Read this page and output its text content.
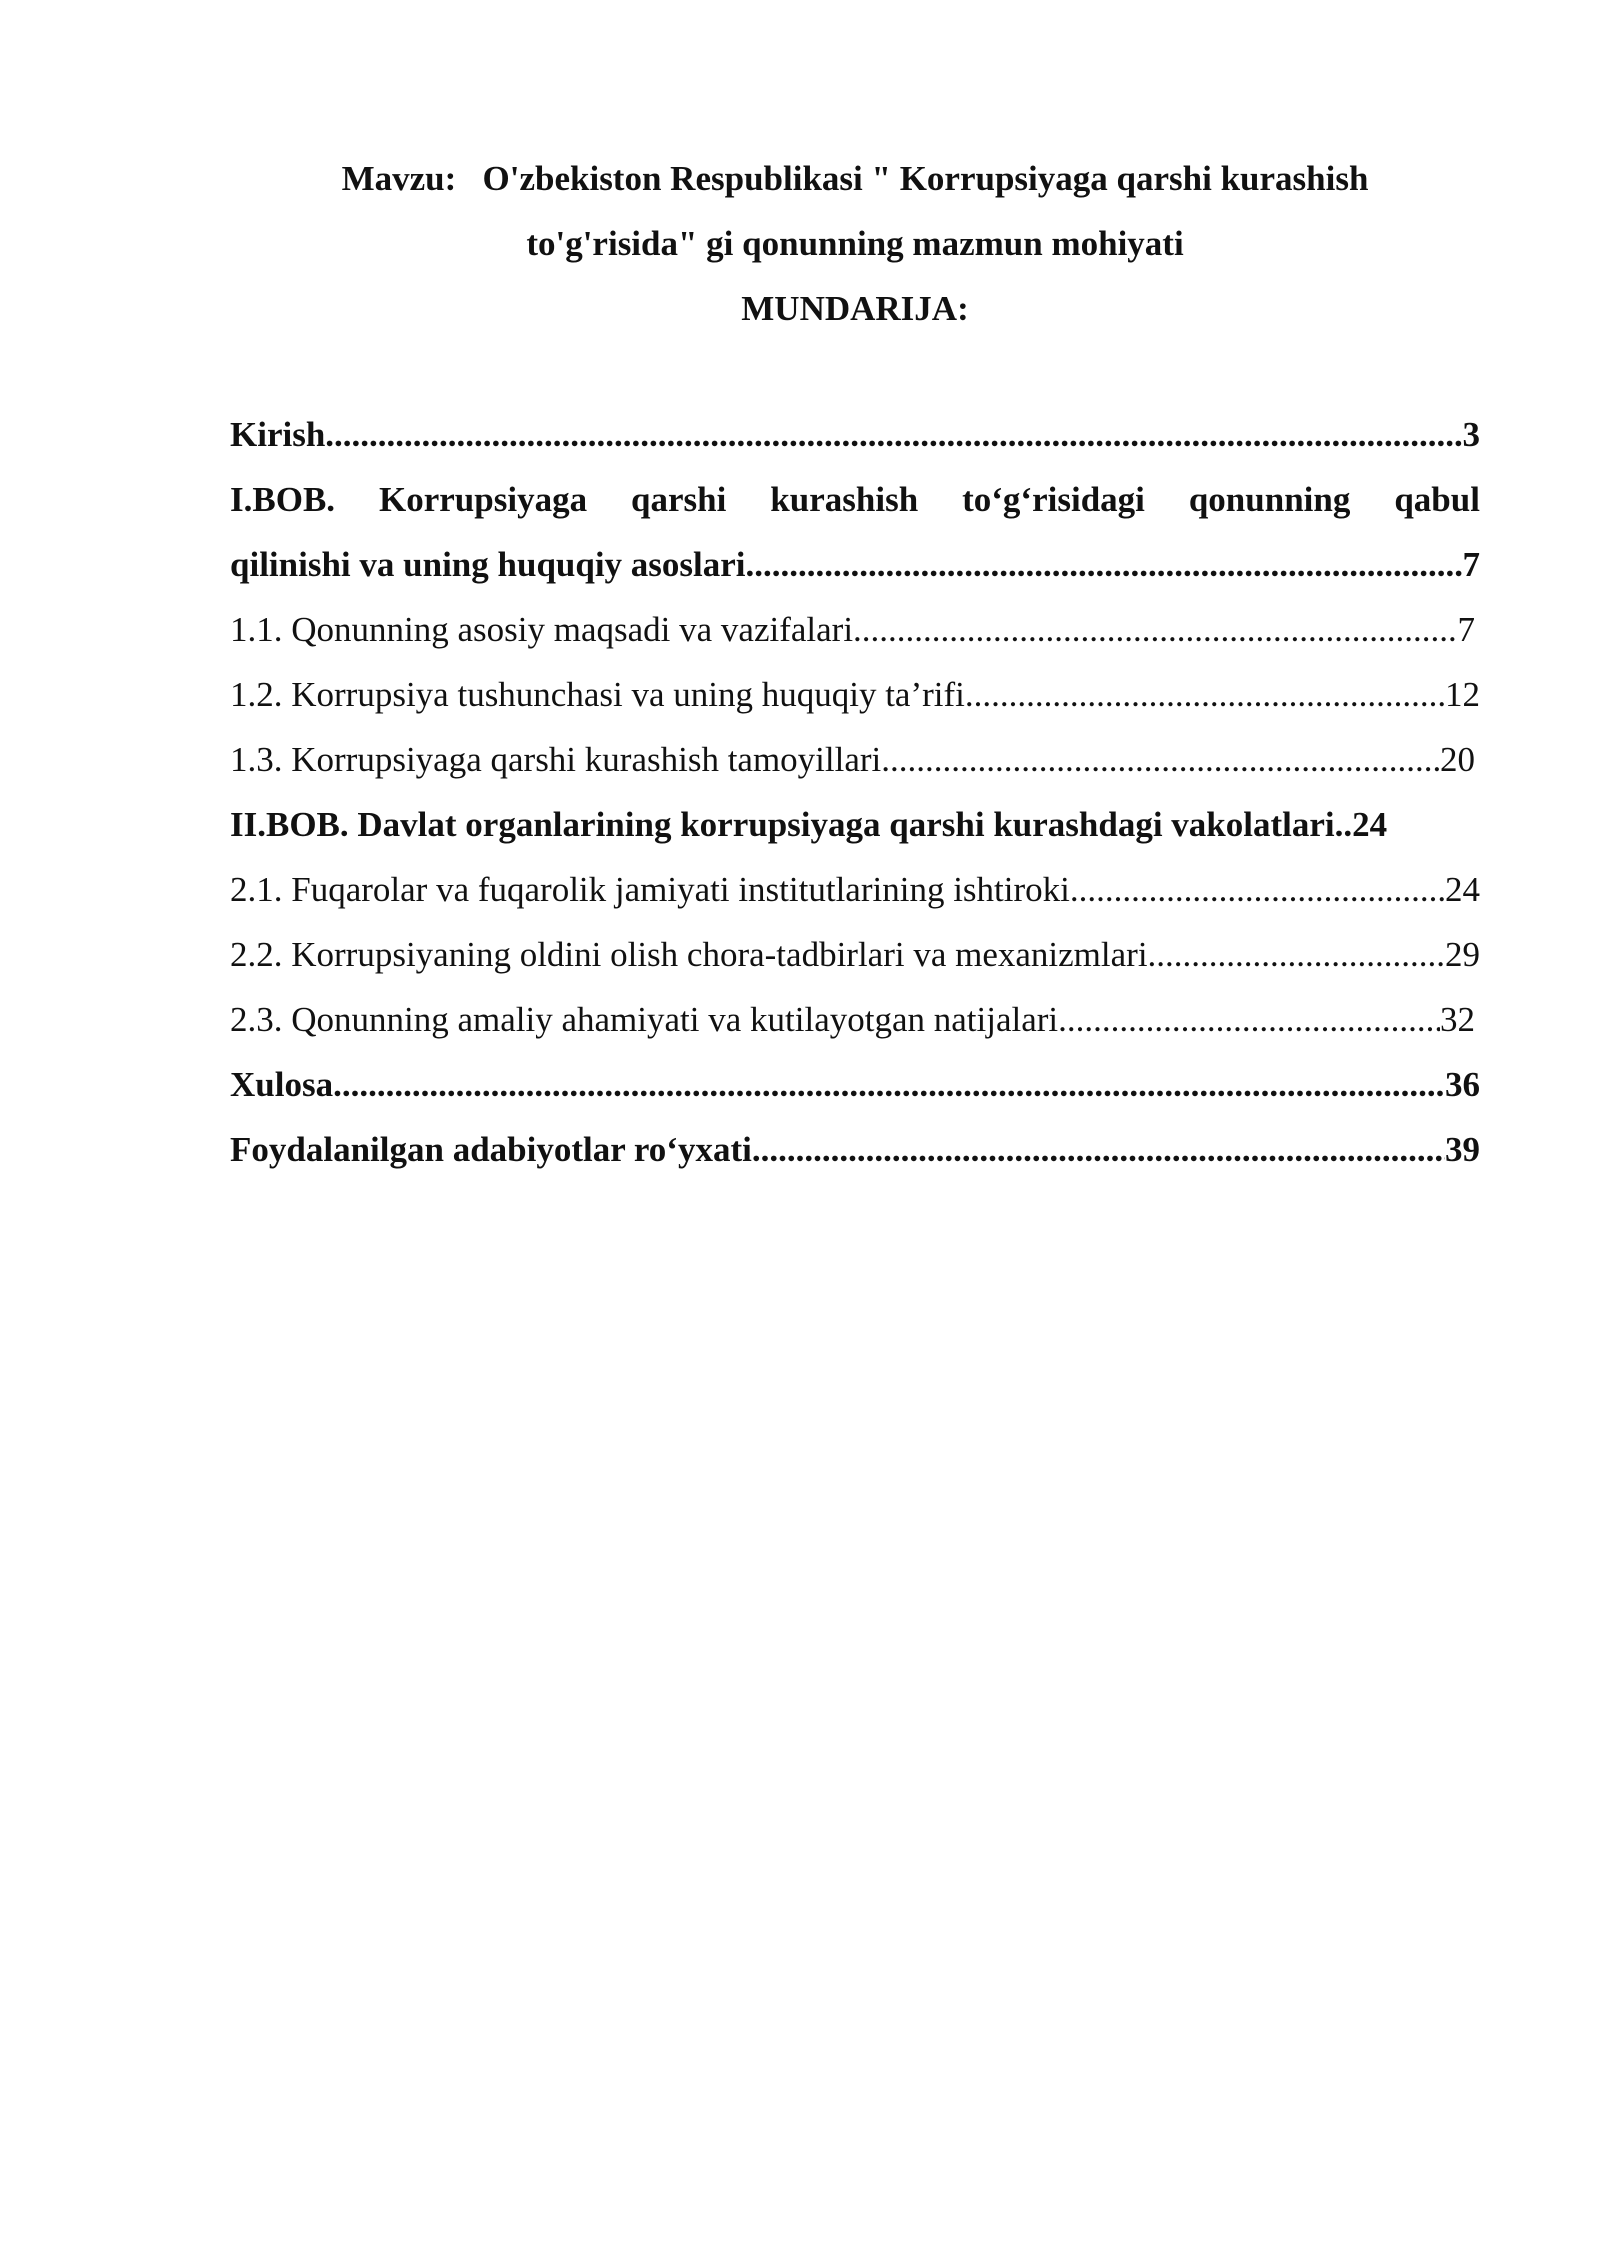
Mavzu: O'zbekiston Respublikasi " Korrupsiyaga qarshi kurashish
to'g'risida" gi qonunning mazmun mohiyati
MUNDARIJA:
Kirish .....	3
I.BOB. Korrupsiyaga qarshi kurashish to‘g‘risidagi qonunning qabul
qilinishi va uning huquqiy asoslari .....	7
1.1. Qonunning asosiy maqsadi va vazifalari .....	7
1.2. Korrupsiya tushunchasi va uning huquqiy ta’rifi .....	12
1.3. Korrupsiyaga qarshi kurashish tamoyillari .....	20
II.BOB. Davlat organlarining korrupsiyaga qarshi kurashdagi vakolatlari .. 24
2.1. Fuqarolar va fuqarolik jamiyati institutlarining ishtiroki .....	24
2.2. Korrupsiyaning oldini olish chora-tadbirlari va mexanizmlari .....	29
2.3. Qonunning amaliy ahamiyati va kutilayotgan natijalari .....	32
Xulosa .....	36
Foydalanilgan adabiyotlar ro‘yxati .....	39
